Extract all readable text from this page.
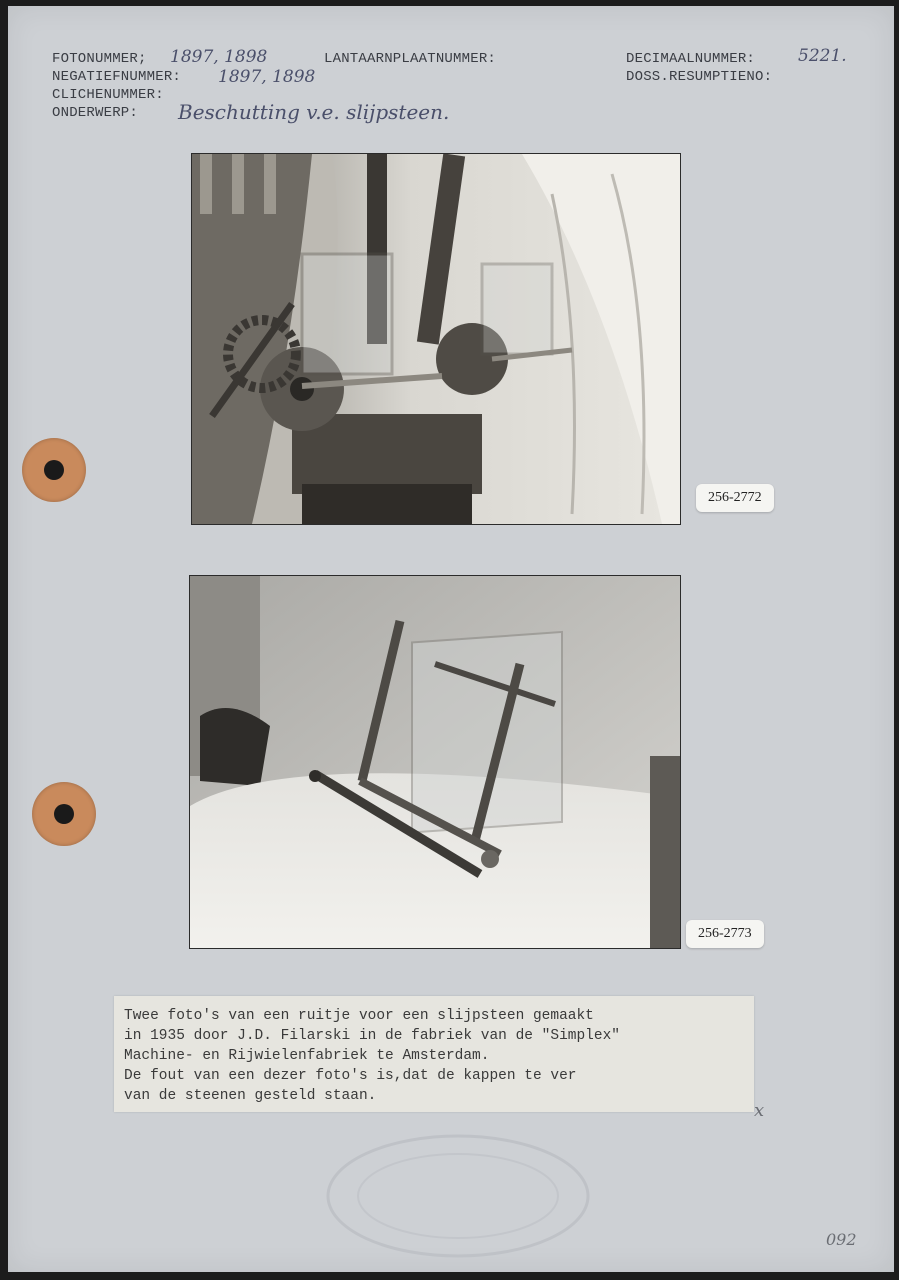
FOTONUMMER; 1897, 1898	LANTAARNPLAATNUMMER:	DECIMAALNUMMER:	5221.
NEGATIEFNUMMER: 1897, 1898	DOSS.RESUMPTIENO:
CLICHENUMMER:
ONDERWERP: Beschutting v.e. slijpsteen.
256-2772
256-2773
Twee foto's van een ruitje voor een slijpsteen gemaakt
in 1935 door J.D. Filarski in de fabriek van de "Simplex"
Machine- en Rijwielenfabriek te Amsterdam.
De fout van een dezer foto's is,dat de kappen te ver
van de steenen gesteld staan.
x
092
